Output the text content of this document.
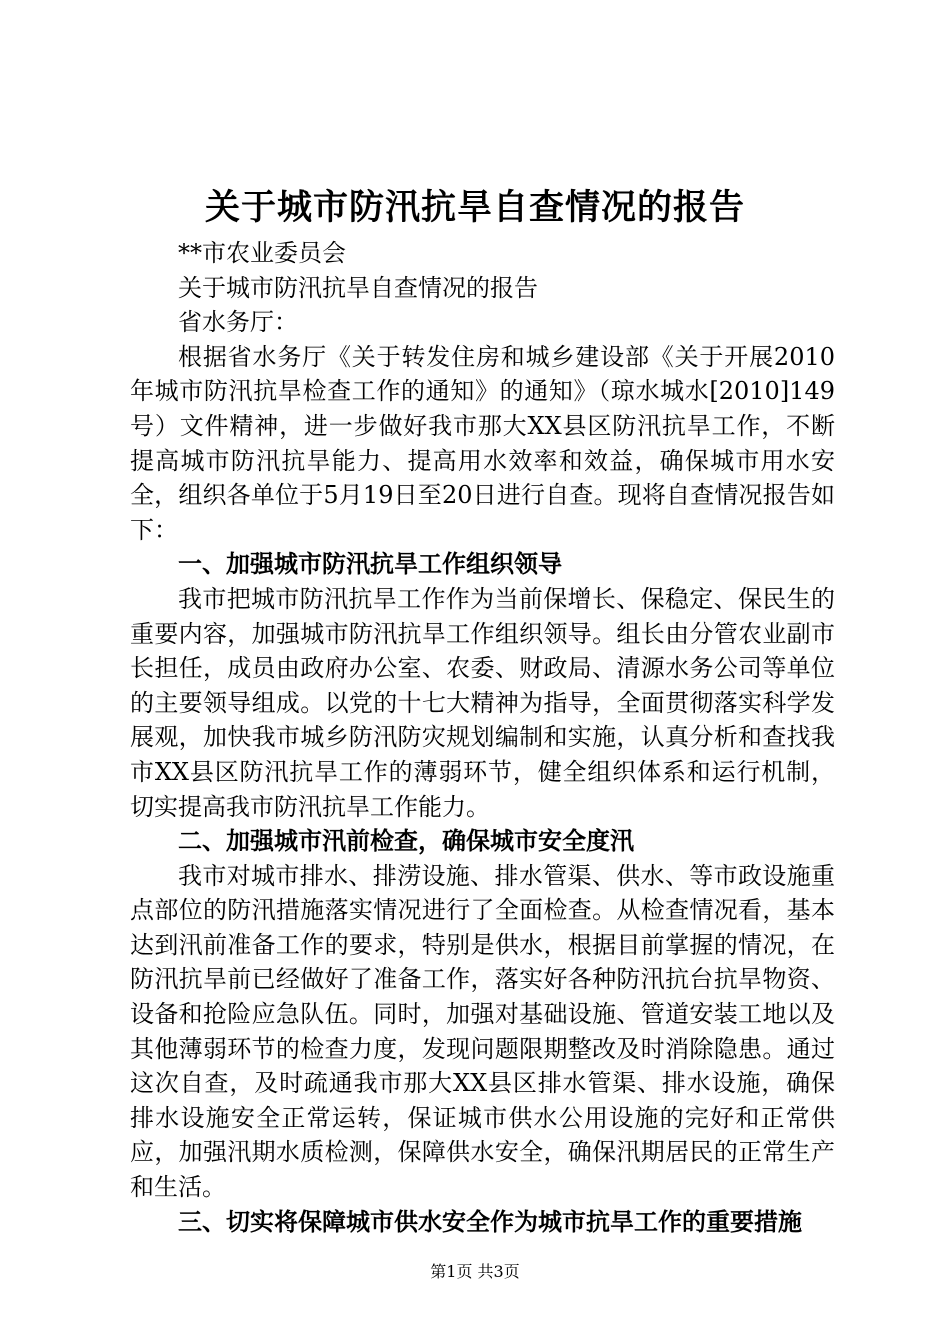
关于城市防汛抗旱自查情况的报告

**市农业委员会

关于城市防汛抗旱自查情况的报告

省水务厅：

根据省水务厅《关于转发住房和城乡建设部《关于开展2010年城市防汛抗旱检查工作的通知》的通知》（琼水城水[2010]149号）文件精神，进一步做好我市那大XX县区防汛抗旱工作，不断提高城市防汛抗旱能力、提高用水效率和效益，确保城市用水安全，组织各单位于5月19日至20日进行自查。现将自查情况报告如下：

一、加强城市防汛抗旱工作组织领导

我市把城市防汛抗旱工作作为当前保增长、保稳定、保民生的重要内容，加强城市防汛抗旱工作组织领导。组长由分管农业副市长担任，成员由政府办公室、农委、财政局、清源水务公司等单位的主要领导组成。以党的十七大精神为指导，全面贯彻落实科学发展观，加快我市城乡防汛防灾规划编制和实施，认真分析和查找我市XX县区防汛抗旱工作的薄弱环节，健全组织体系和运行机制，切实提高我市防汛抗旱工作能力。

二、加强城市汛前检查，确保城市安全度汛

我市对城市排水、排涝设施、排水管渠、供水、等市政设施重点部位的防汛措施落实情况进行了全面检查。从检查情况看，基本达到汛前准备工作的要求，特别是供水，根据目前掌握的情况，在防汛抗旱前已经做好了准备工作，落实好各种防汛抗台抗旱物资、设备和抢险应急队伍。同时，加强对基础设施、管道安装工地以及其他薄弱环节的检查力度，发现问题限期整改及时消除隐患。通过这次自查，及时疏通我市那大XX县区排水管渠、排水设施，确保排水设施安全正常运转，保证城市供水公用设施的完好和正常供应，加强汛期水质检测，保障供水安全，确保汛期居民的正常生产和生活。

三、切实将保障城市供水安全作为城市抗旱工作的重要措施

第1页 共3页
